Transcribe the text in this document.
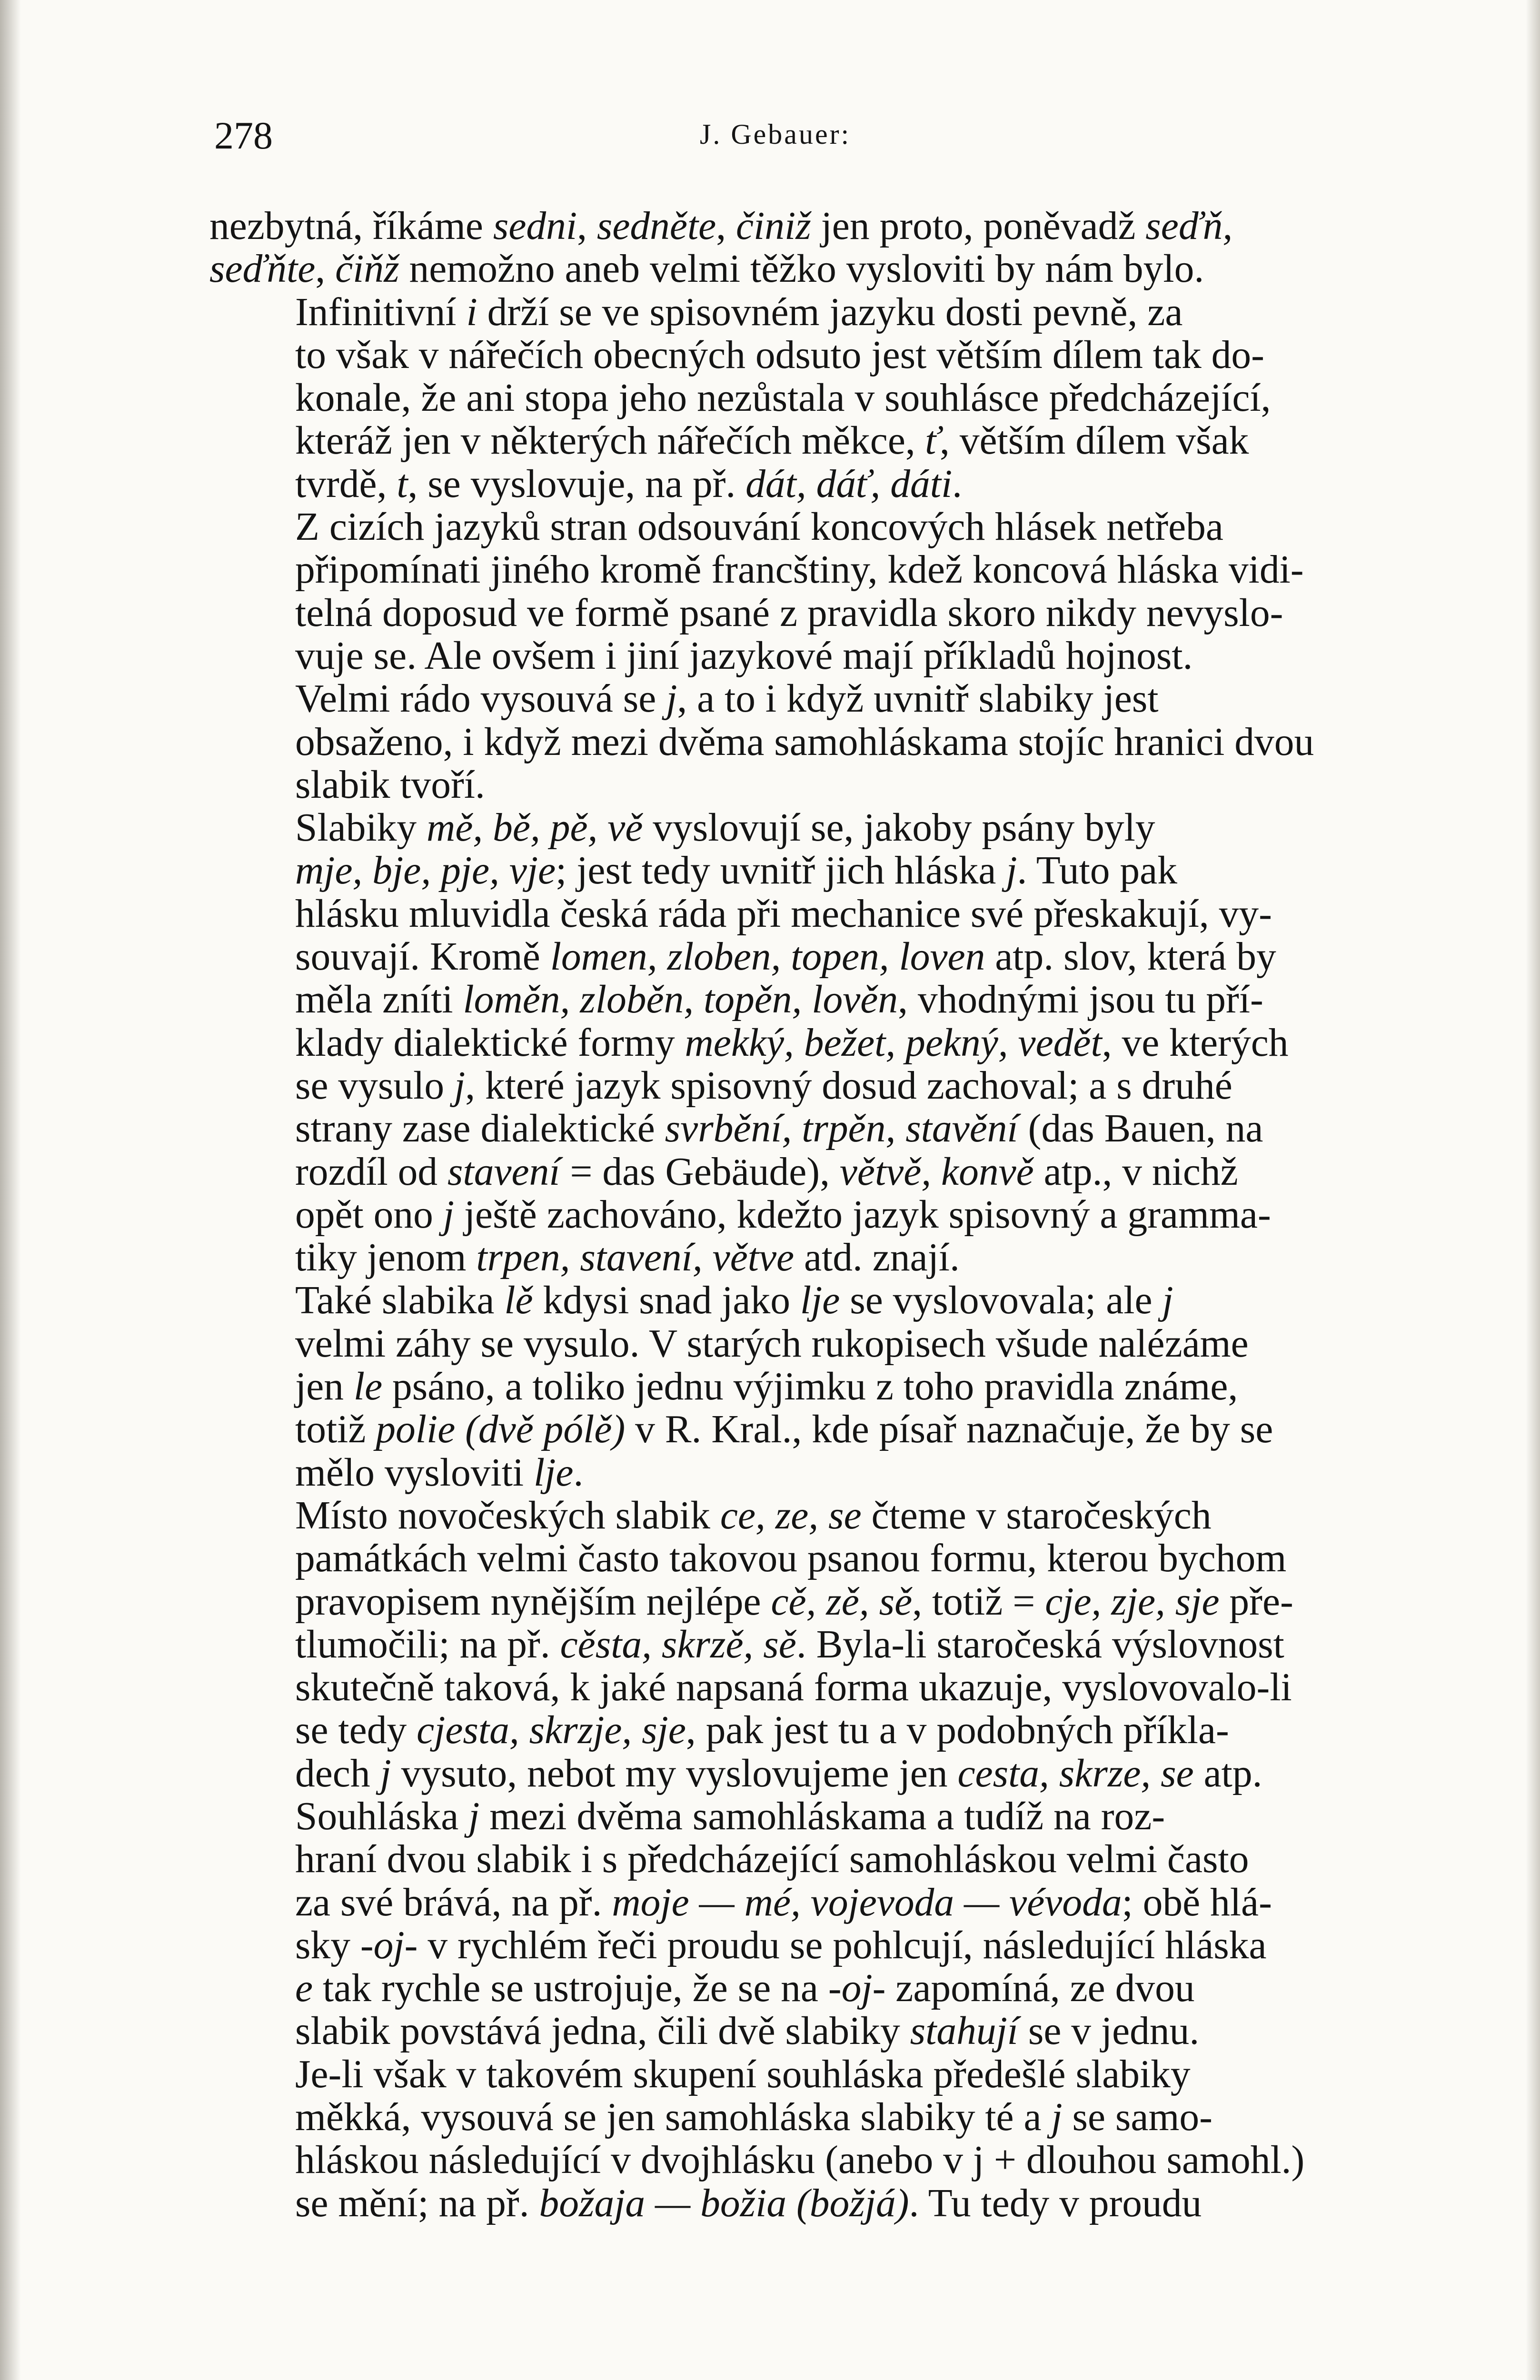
278	J. Gebauer:

nezbytná, říkáme sedni, sedněte, činiž jen proto, poněvadž seďň,
seďňte, čiňž nemožno aneb velmi těžko vysloviti by nám bylo.

Infinitivní i drží se ve spisovném jazyku dosti pevně, za
to však v nářečích obecných odsuto jest větším dílem tak do-
konale, že ani stopa jeho nezůstala v souhlásce předcházející,
kteráž jen v některých nářečích měkce, ť, větším dílem však
tvrdě, t, se vyslovuje, na př. dát, dáť, dáti.

Z cizích jazyků stran odsouvání koncových hlásek netřeba
připomínati jiného kromě francštiny, kdež koncová hláska vidi-
telná doposud ve formě psané z pravidla skoro nikdy nevyslo-
vuje se. Ale ovšem i jiní jazykové mají příkladů hojnost.

Velmi rádo vysouvá se j, a to i když uvnitř slabiky jest
obsaženo, i když mezi dvěma samohláskama stojíc hranici dvou
slabik tvoří.

Slabiky mě, bě, pě, vě vyslovují se, jakoby psány byly
mje, bje, pje, vje; jest tedy uvnitř jich hláska j. Tuto pak
hlásku mluvidla česká ráda při mechanice své přeskakují, vy-
souvají. Kromě lomen, zloben, topen, loven atp. slov, která by
měla zníti loměn, zloběn, topěn, lověn, vhodnými jsou tu pří-
klady dialektické formy mekký, bežet, pekný, vedět, ve kterých
se vysulo j, které jazyk spisovný dosud zachoval; a s druhé
strany zase dialektické svrbění, trpěn, stavění (das Bauen, na
rozdíl od stavení = das Gebäude), větvě, konvě atp., v nichž
opět ono j ještě zachováno, kdežto jazyk spisovný a gramma-
tiky jenom trpen, stavení, větve atd. znají.

Také slabika lě kdysi snad jako lje se vyslovovala; ale j
velmi záhy se vysulo. V starých rukopisech všude nalézáme
jen le psáno, a toliko jednu výjimku z toho pravidla známe,
totiž polie (dvě pólě) v R. Kral., kde písař naznačuje, že by se
mělo vysloviti lje.

Místo novočeských slabik ce, ze, se čteme v staročeských
památkách velmi často takovou psanou formu, kterou bychom
pravopisem nynějším nejlépe cě, zě, sě, totiž = cje, zje, sje pře-
tlumočili; na př. cěsta, skrzě, sě. Byla-li staročeská výslovnost
skutečně taková, k jaké napsaná forma ukazuje, vyslovovalo-li
se tedy cjesta, skrzje, sje, pak jest tu a v podobných příkla-
dech j vysuto, nebot my vyslovujeme jen cesta, skrze, se atp.

Souhláska j mezi dvěma samohláskama a tudíž na roz-
hraní dvou slabik i s předcházející samohláskou velmi často
za své brává, na př. moje — mé, vojevoda — vévoda; obě hlá-
sky -oj- v rychlém řeči proudu se pohlcují, následující hláska
e tak rychle se ustrojuje, že se na -oj- zapomíná, ze dvou
slabik povstává jedna, čili dvě slabiky stahují se v jednu.

Je-li však v takovém skupení souhláska předešlé slabiky
měkká, vysouvá se jen samohláska slabiky té a j se samo-
hláskou následující v dvojhlásku (anebo v j + dlouhou samohl.)
se mění; na př. božaja — božia (božjá). Tu tedy v proudu
